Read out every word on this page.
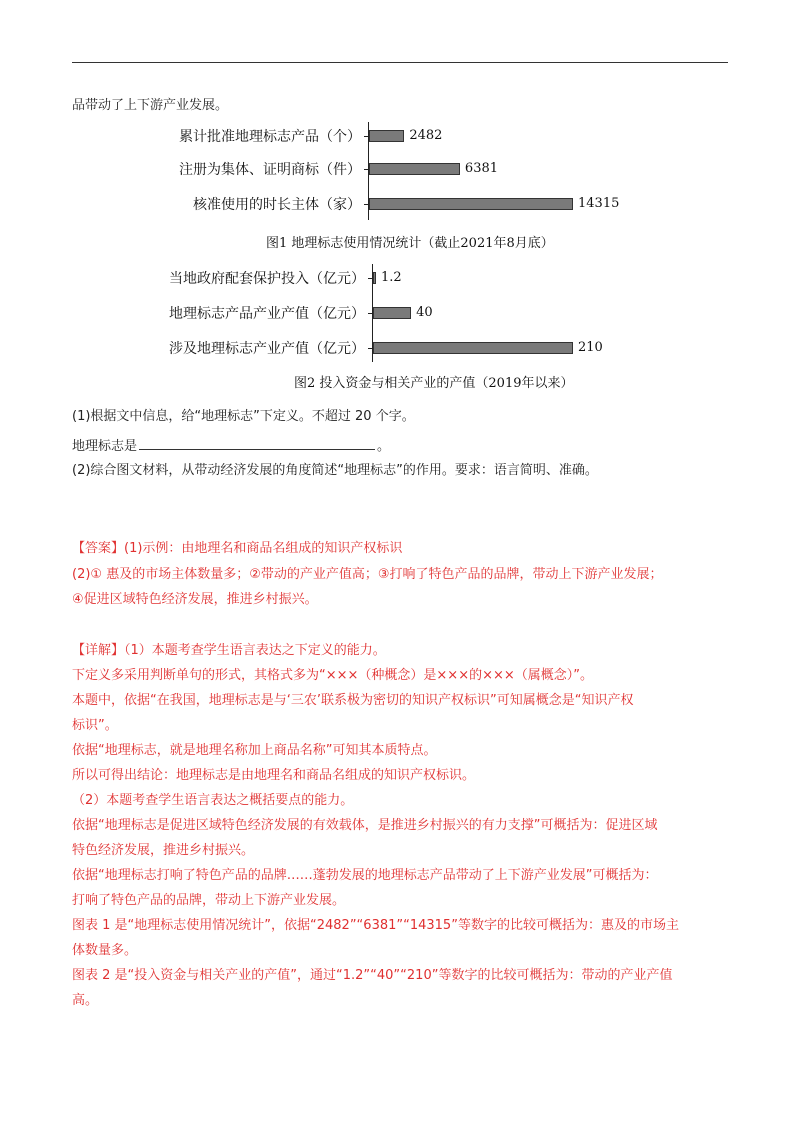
品带动了上下游产业发展。
图1 地理标志使用情况统计（截止2021年8月底）
累计批准地理标志产品（个）	2482
注册为集体、证明商标（件）	6381
核准使用的时长主体（家）	14315
图2 投入资金与相关产业的产值（2019年以来）
当地政府配套保护投入（亿元） 1.2
地理标志产品产业产值（亿元）	40
涉及地理标志产业产值（亿元）	210
(1)根据文中信息，给“地理标志”下定义。不超过 20 个字。
地理标志是	。
(2)综合图文材料，从带动经济发展的角度简述“地理标志”的作用。要求：语言简明、准确。
【答案】(1)示例：由地理名和商品名组成的知识产权标识
(2)① 惠及的市场主体数量多；②带动的产业产值高；③打响了特色产品的品牌，带动上下游产业发展；
④促进区域特色经济发展，推进乡村振兴。
【详解】（1）本题考查学生语言表达之下定义的能力。
下定义多采用判断单句的形式，其格式多为“×××（种概念）是×××的×××（属概念）”。
本题中，依据“在我国，地理标志是与‘三农’联系极为密切的知识产权标识”可知属概念是“知识产权
标识”。
依据“地理标志，就是地理名称加上商品名称”可知其本质特点。
所以可得出结论：地理标志是由地理名和商品名组成的知识产权标识。
（2）本题考查学生语言表达之概括要点的能力。
依据“地理标志是促进区域特色经济发展的有效载体，是推进乡村振兴的有力支撑”可概括为：促进区域
特色经济发展，推进乡村振兴。
依据“地理标志打响了特色产品的品牌……蓬勃发展的地理标志产品带动了上下游产业发展”可概括为：
打响了特色产品的品牌，带动上下游产业发展。
图表 1 是“地理标志使用情况统计”，依据“2482”“6381”“14315”等数字的比较可概括为：惠及的市场主
体数量多。
图表 2 是“投入资金与相关产业的产值”，通过“1.2”“40”“210”等数字的比较可概括为：带动的产业产值
高。
